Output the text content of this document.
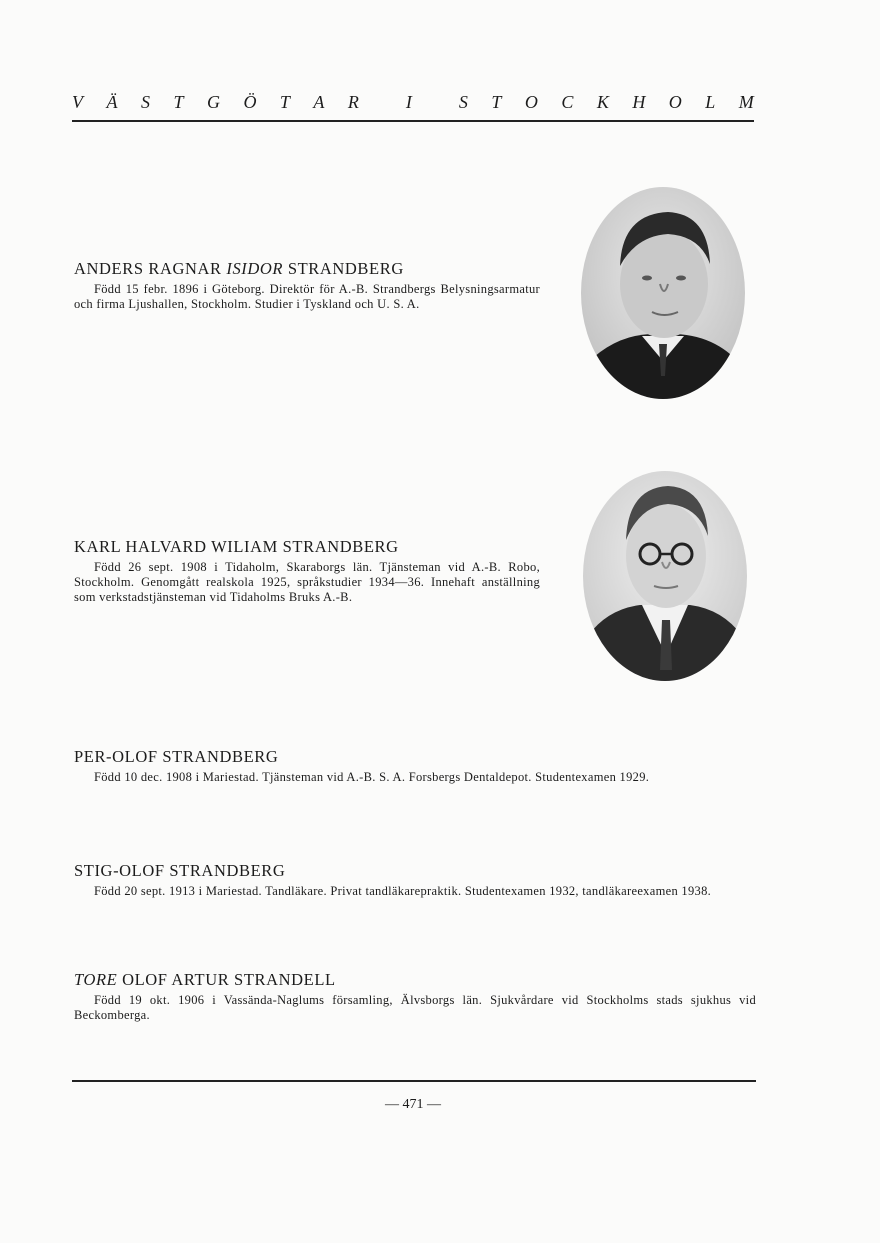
V Ä S T G Ö T A R	I	S T O C K H O L M
ANDERS RAGNAR ISIDOR STRANDBERG
Född 15 febr. 1896 i Göteborg. Direktör för A.-B. Strandbergs Belysningsarmatur och firma Ljushallen, Stockholm. Studier i Tyskland och U. S. A.
KARL HALVARD WILIAM STRANDBERG
Född 26 sept. 1908 i Tidaholm, Skaraborgs län. Tjänsteman vid A.-B. Robo, Stockholm. Genomgått realskola 1925, språkstudier 1934—36. Innehaft anställning som verkstadstjänsteman vid Tidaholms Bruks A.-B.
PER-OLOF STRANDBERG
Född 10 dec. 1908 i Mariestad. Tjänsteman vid A.-B. S. A. Forsbergs Dentaldepot. Studentexamen 1929.
STIG-OLOF STRANDBERG
Född 20 sept. 1913 i Mariestad. Tandläkare. Privat tandläkarepraktik. Studentexamen 1932, tandläkareexamen 1938.
TORE OLOF ARTUR STRANDELL
Född 19 okt. 1906 i Vassända-Naglums församling, Älvsborgs län. Sjukvårdare vid Stockholms stads sjukhus vid Beckomberga.
— 471 —
